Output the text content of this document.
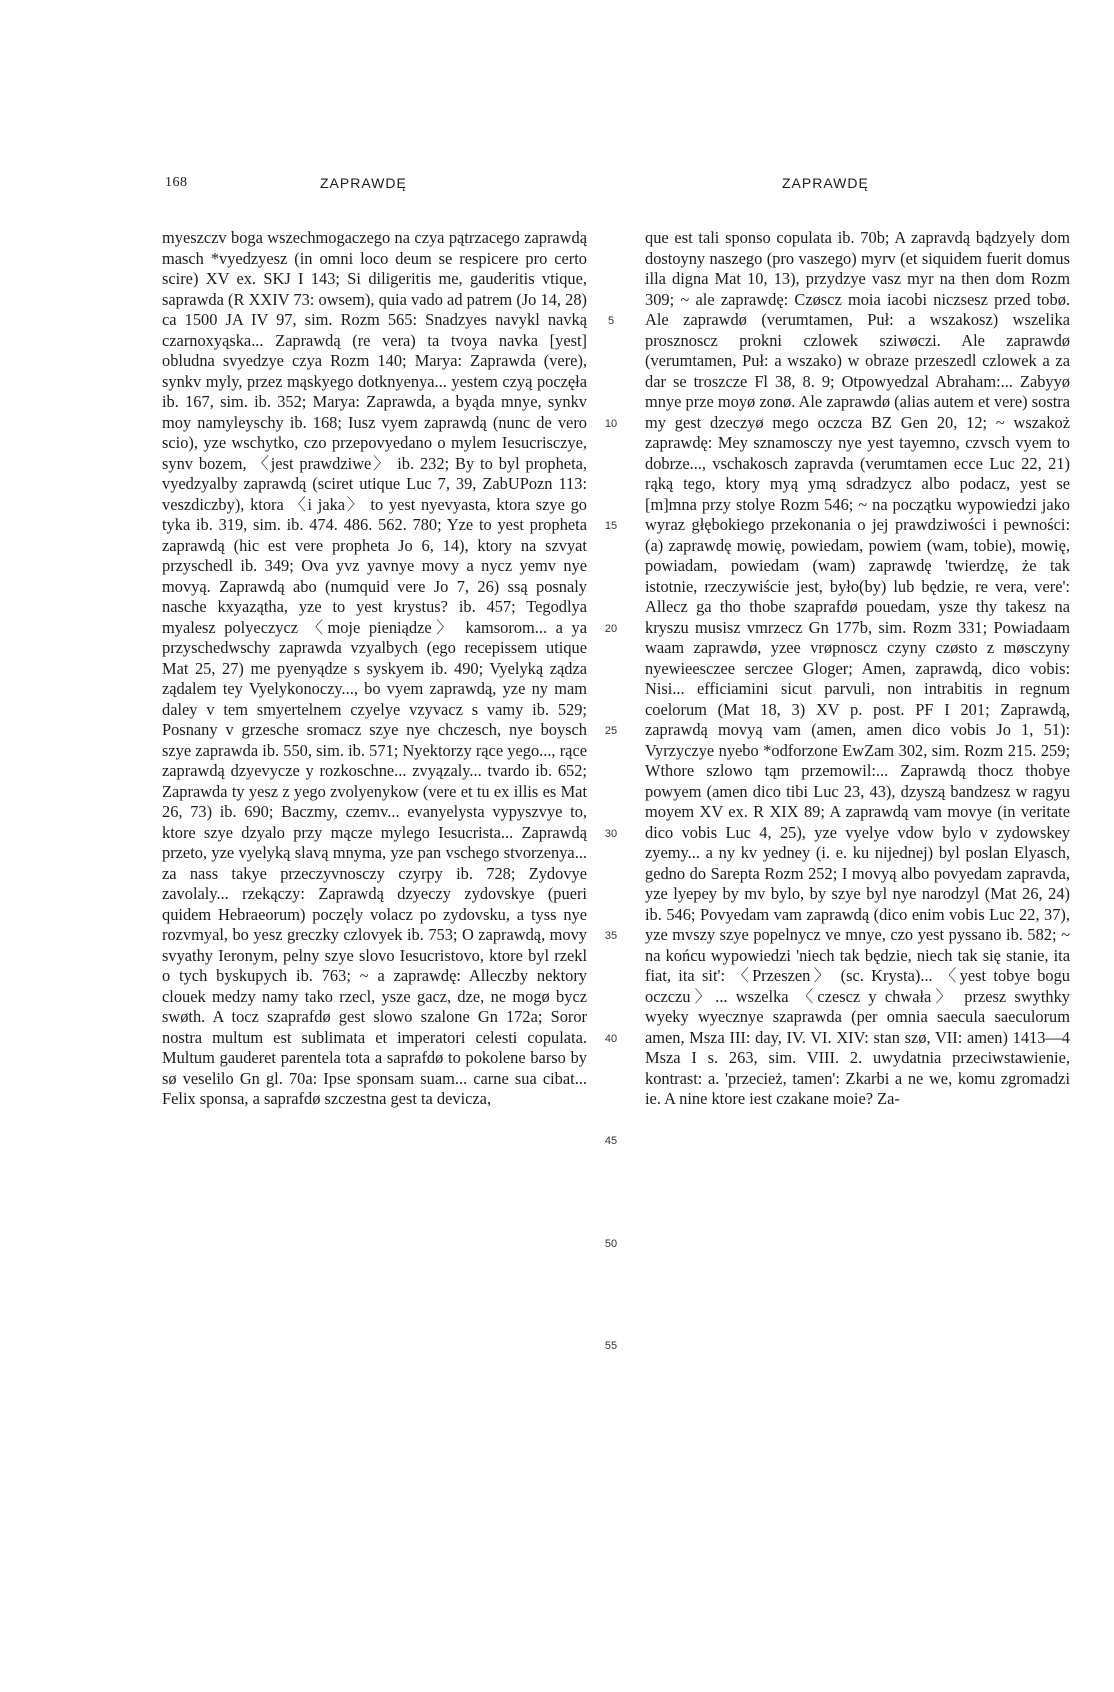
168	ZAPRAWDĘ	ZAPRAWDĘ

myeszczv boga wszechmogaczego na czya pątrzacego zaprawdą masch *vyedzyesz (in omni loco deum se respicere pro certo scire) XV ex. SKJ I 143; Si diligeritis me, gauderitis vtique, saprawda (R XXIV 73: owsem), quia vado ad patrem (Jo 14, 28) ca 1500 JA IV 97, sim. Rozm 565: Snadzyes navykl navką czarnoxyąska... Zaprawdą (re vera) ta tvoya navka [yest] obludna svyedzye czya Rozm 140; Marya: Zaprawda (vere), synkv myly, przez mąskyego dotknyenya... yestem czyą poczęła ib. 167, sim. ib. 352; Marya: Zaprawda, a byąda mnye, synkv moy namyleyschy ib. 168; Iusz vyem zaprawdą (nunc de vero scio), yze wschytko, czo przepovyedano o mylem Iesucrisczye, synv bozem, 〈jest prawdziwe〉 ib. 232; By to byl propheta, vyedzyalby zaprawdą (sciret utique Luc 7, 39, ZabUPozn 113: veszdiczby), ktora 〈i jaka〉 to yest nyevyasta, ktora szye go tyka ib. 319, sim. ib. 474. 486. 562. 780; Yze to yest propheta zaprawdą (hic est vere propheta Jo 6, 14), ktory na szvyat przyschedl ib. 349; Ova yvz yavnye movy a nycz yemv nye movyą. Zaprawdą abo (numquid vere Jo 7, 26) ssą posnaly nasche kxyazątha, yze to yest krystus? ib. 457; Tegodlya myalesz polyeczycz 〈moje pieniądze〉 kamsorom... a ya przyschedwschy zaprawda vzyalbych (ego recepissem utique Mat 25, 27) me pyenyądze s syskyem ib. 490; Vyelyką ządza ządalem tey Vyelykonoczy..., bo vyem zaprawdą, yze ny mam daley v tem smyertelnem czyelye vzyvacz s vamy ib. 529; Posnany v grzesche sromacz szye nye chczesch, nye boysch szye zaprawda ib. 550, sim. ib. 571; Nyektorzy rące yego..., rące zaprawdą dzyevycze y rozkoschne... zvyązaly... tvardo ib. 652; Zaprawda ty yesz z yego zvolyenykow (vere et tu ex illis es Mat 26, 73) ib. 690; Baczmy, czemv... evanyelysta vypyszvye to, ktore szye dzyalo przy mącze mylego Iesucrista... Zaprawdą przeto, yze vyelyką slavą mnyma, yze pan vschego stvorzenya... za nass takye przeczyvnosczy czyrpy ib. 728; Zydovye zavolaly... rzekączy: Zaprawdą dzyeczy zydovskye (pueri quidem Hebraeorum) poczęly volacz po zydovsku, a tyss nye rozvmyal, bo yesz greczky czlovyek ib. 753; O zaprawdą, movy svyathy Ieronym, pelny szye slovo Iesucristovo, ktore byl rzekl o tych byskupych ib. 763; ~ a zaprawdę: Alleczby nektory clouek medzy namy tako rzecl, ysze gacz, dze, ne mogø bycz swøth. A tocz szaprafdø gest slowo szalone Gn 172a; Soror nostra multum est sublimata et imperatori celesti copulata. Multum gauderet parentela tota a saprafdø to pokolene barso by sø veselilo Gn gl. 70a: Ipse sponsam suam... carne sua cibat... Felix sponsa, a saprafdø szczestna gest ta devicza,

5
10
15
20
25
30
35
40
45
50
55

que est tali sponso copulata ib. 70b; A zapravdą bądzyely dom dostoyny naszego (pro vaszego) myrv (et siquidem fuerit domus illa digna Mat 10, 13), przydzye vasz myr na then dom Rozm 309; ~ ale zaprawdę: Czøscz moia iacobi niczsesz przed tobø. Ale zaprawdø (verumtamen, Puł: a wszakosz) wszelika prosznoscz prokni czlowek sziwøczi. Ale zaprawdø (verumtamen, Puł: a wszako) w obraze przeszedl czlowek a za dar se troszcze Fl 38, 8. 9; Otpowyedzal Abraham:... Zabyyø mnye prze moyø zonø. Ale zaprawdø (alias autem et vere) sostra my gest dzeczyø mego oczcza BZ Gen 20, 12; ~ wszakoż zaprawdę: Mey sznamosczy nye yest tayemno, czvsch vyem to dobrze..., vschakosch zapravda (verumtamen ecce Luc 22, 21) rąką tego, ktory myą ymą sdradzycz albo podacz, yest se [m]mna przy stolye Rozm 546; ~ na początku wypowiedzi jako wyraz głębokiego przekonania o jej prawdziwości i pewności: (a) zaprawdę mowię, powiedam, powiem (wam, tobie), mowię, powiadam, powiedam (wam) zaprawdę 'twierdzę, że tak istotnie, rzeczywiście jest, było(by) lub będzie, re vera, vere': Allecz ga tho thobe szaprafdø pouedam, ysze thy takesz na kryszu musisz vmrzecz Gn 177b, sim. Rozm 331; Powiadaam waam zaprawdø, yzee vrøpnoscz czyny czøsto z møsczyny nyewieesczee serczee Gloger; Amen, zaprawdą, dico vobis: Nisi... efficiamini sicut parvuli, non intrabitis in regnum coelorum (Mat 18, 3) XV p. post. PF I 201; Zaprawdą, zaprawdą movyą vam (amen, amen dico vobis Jo 1, 51): Vyrzyczye nyebo *odforzone EwZam 302, sim. Rozm 215. 259; Wthore szlowo tąm przemowil:... Zaprawdą thocz thobye powyem (amen dico tibi Luc 23, 43), dzyszą bandzesz w ragyu moyem XV ex. R XIX 89; A zaprawdą vam movye (in veritate dico vobis Luc 4, 25), yze vyelye vdow bylo v zydowskey zyemy... a ny kv yedney (i. e. ku nijednej) byl poslan Elyasch, gedno do Sarepta Rozm 252; I movyą albo povyedam zapravda, yze lyepey by mv bylo, by szye byl nye narodzyl (Mat 26, 24) ib. 546; Povyedam vam zaprawdą (dico enim vobis Luc 22, 37), yze mvszy szye popelnycz ve mnye, czo yest pyssano ib. 582; ~ na końcu wypowiedzi 'niech tak będzie, niech tak się stanie, ita fiat, ita sit': 〈Przeszen〉 (sc. Krysta)... 〈yest tobye bogu oczczu〉... wszelka 〈czescz y chwała〉 przesz swythky wyeky wyecznye szaprawda (per omnia saecula saeculorum amen, Msza III: day, IV. VI. XIV: stan szø, VII: amen) 1413—4 Msza I s. 263, sim. VIII. 2. uwydatnia przeciwstawienie, kontrast: a. 'przecież, tamen': Zkarbi a ne we, komu zgromadzi ie. A nine ktore iest czakane moie? Za-
